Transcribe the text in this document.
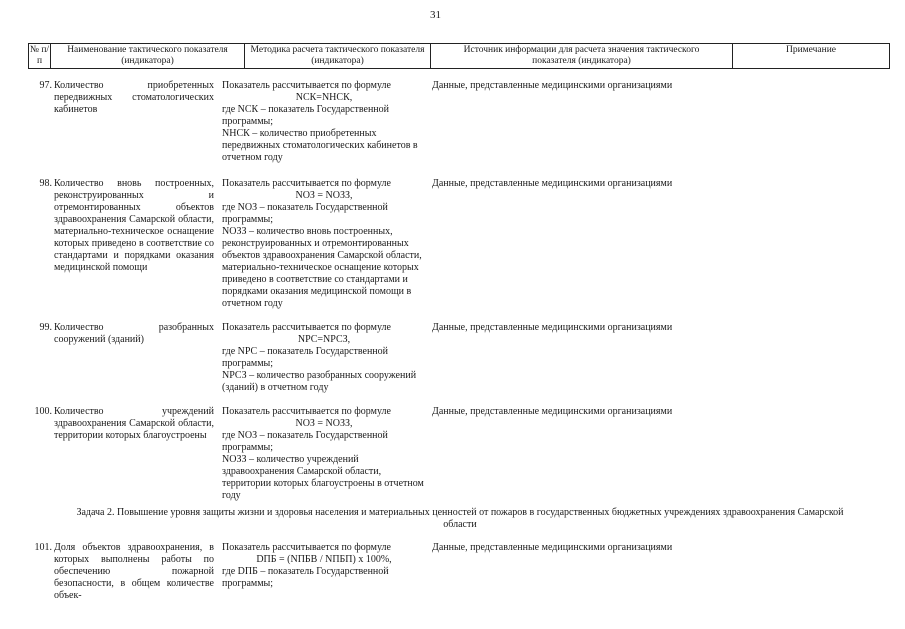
31
№ п/п
Наименование тактического показателя (индикатора)
Методика расчета тактического показателя (индикатора)
Источник информации для расчета значения тактического показателя (индикатора)
Примечание
97. Количество приобретенных передвижных стоматологических кабинетов
Показатель рассчитывается по формуле
NСК=NНСК,
где NСК – показатель Государственной программы;
NНСК – количество приобретенных передвижных стоматологических кабинетов в отчетном году
Данные, представленные медицинскими организациями
98. Количество вновь построенных, реконструированных и отремонтированных объектов здравоохранения Самарской области, материально-техническое оснащение которых приведено в соответствие со стандартами и порядками оказания медицинской помощи
Показатель рассчитывается по формуле
NОЗ = NОЗЗ,
где NОЗ – показатель Государственной программы;
NОЗЗ – количество вновь построенных, реконструированных и отремонтированных объектов здравоохранения Самарской области, материально-техническое оснащение которых приведено в соответствие со стандартами и порядками оказания медицинской помощи в отчетном году
Данные, представленные медицинскими организациями
99. Количество разобранных сооружений (зданий)
Показатель рассчитывается по формуле
NРС=NРСЗ,
где NРС – показатель Государственной программы;
NРСЗ – количество разобранных сооружений (зданий) в отчетном году
Данные, представленные медицинскими организациями
100. Количество учреждений здравоохранения Самарской области, территории которых благоустроены
Показатель рассчитывается по формуле
NОЗ = NОЗЗ,
где NОЗ – показатель Государственной программы;
NОЗЗ – количество учреждений здравоохранения Самарской области, территории которых благоустроены в отчетном году
Данные, представленные медицинскими организациями
Задача 2. Повышение уровня защиты жизни и здоровья населения и материальных ценностей от пожаров в государственных бюджетных учреждениях здравоохранения Самарской области
101. Доля объектов здравоохранения, в которых выполнены работы по обеспечению пожарной безопасности, в общем количестве объек-
Показатель рассчитывается по формуле
DПБ = (NПБВ / NПБП) x 100%,
где DПБ – показатель Государственной программы;
Данные, представленные медицинскими организациями
